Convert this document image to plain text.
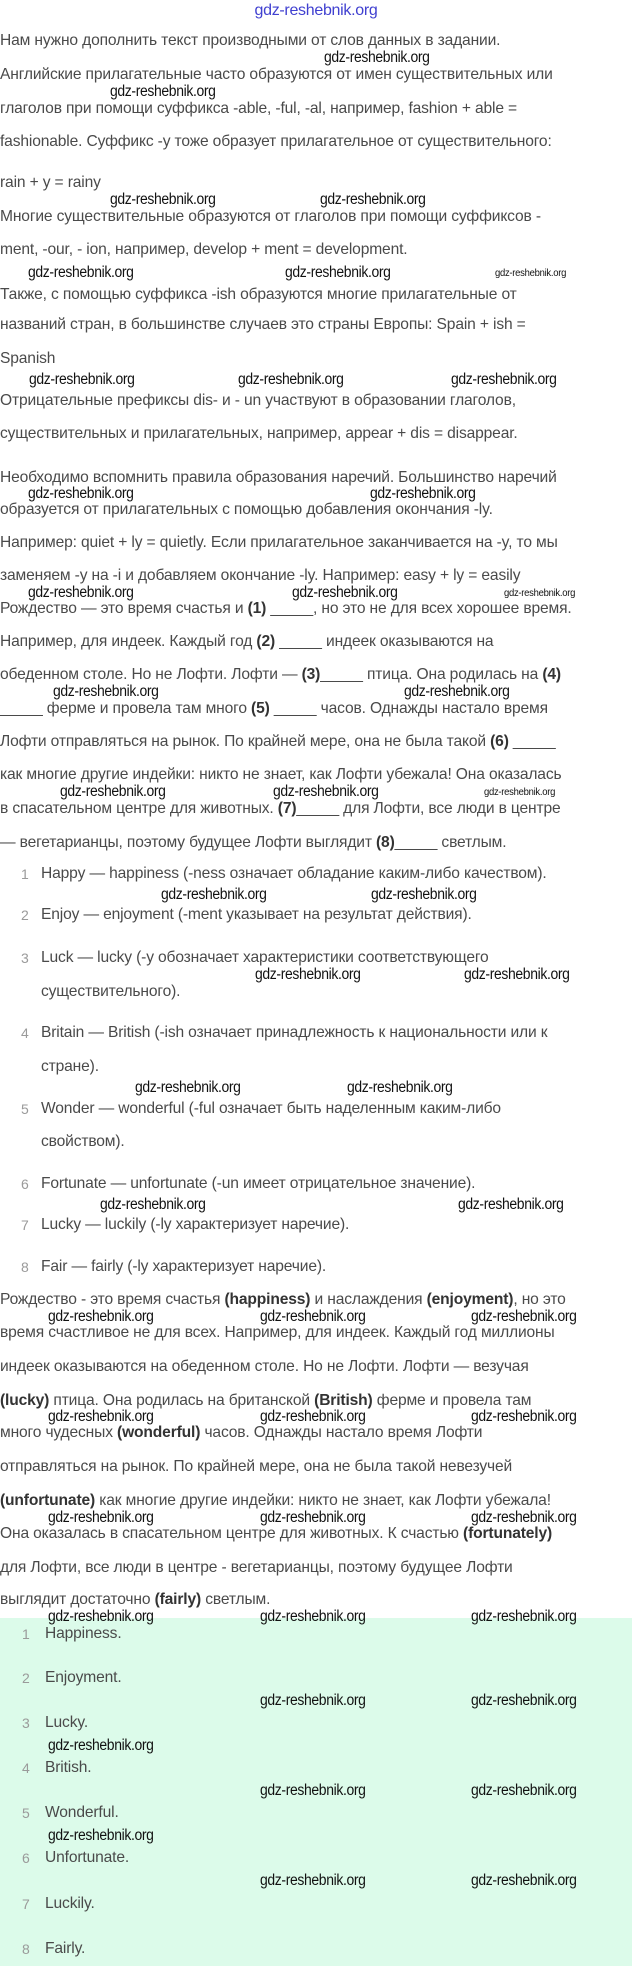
gdz-reshebnik.org
Нам нужно дополнить текст производными от слов данных в задании.
Английские прилагательные часто образуются от имен существительных или
глаголов при помощи суффикса -able, -ful, -al, например, fashion + able =
fashionable. Суффикс -y тоже образует прилагательное от существительного:
rain + y = rainy
Многие существительные образуются от глаголов при помощи суффиксов -
ment, -our, - ion, например, develop + ment = development.
Также, с помощью суффикса -ish образуются многие прилагательные от
названий стран, в большинстве случаев это страны Европы: Spain + ish =
Spanish
Отрицательные префиксы dis- и - un участвуют в образовании глаголов,
существительных и прилагательных, например, appear + dis = disappear.
Необходимо вспомнить правила образования наречий. Большинство наречий
образуется от прилагательных с помощью добавления окончания -ly.
Например: quiet + ly = quietly. Если прилагательное заканчивается на -y, то мы
заменяем -y на -i и добавляем окончание -ly. Например: easy + ly = easily
Рождество — это время счастья и (1) _____, но это не для всех хорошее время.
Например, для индеек. Каждый год (2) _____ индеек оказываются на
обеденном столе. Но не Лофти. Лофти — (3)_____ птица. Она родилась на (4)
_____ ферме и провела там много (5) _____ часов. Однажды настало время
Лофти отправляться на рынок. По крайней мере, она не была такой (6) _____
как многие другие индейки: никто не знает, как Лофти убежала! Она оказалась
в спасательном центре для животных. (7)_____ для Лофти, все люди в центре
— вегетарианцы, поэтому будущее Лофти выглядит (8)_____ светлым.
1 Happy — happiness (-ness означает обладание каким-либо качеством).
2 Enjoy — enjoyment (-ment указывает на результат действия).
3 Luck — lucky (-y обозначает характеристики соответствующего
существительного).
4 Britain — British (-ish означает принадлежность к национальности или к
стране).
5 Wonder — wonderful (-ful означает быть наделенным каким-либо
свойством).
6 Fortunate — unfortunate (-un имеет отрицательное значение).
7 Lucky — luckily (-ly характеризует наречие).
8 Fair — fairly (-ly характеризует наречие).
Рождество - это время счастья (happiness) и наслаждения (enjoyment), но это
время счастливое не для всех. Например, для индеек. Каждый год миллионы
индеек оказываются на обеденном столе. Но не Лофти. Лофти — везучая
(lucky) птица. Она родилась на британской (British) ферме и провела там
много чудесных (wonderful) часов. Однажды настало время Лофти
отправляться на рынок. По крайней мере, она не была такой невезучей
(unfortunate) как многие другие индейки: никто не знает, как Лофти убежала!
Она оказалась в спасательном центре для животных. К счастью (fortunately)
для Лофти, все люди в центре - вегетарианцы, поэтому будущее Лофти
выглядит достаточно (fairly) светлым.
1 Happiness.
2 Enjoyment.
3 Lucky.
4 British.
5 Wonderful.
6 Unfortunate.
7 Luckily.
8 Fairly.
gdz-reshebnik.org
gdz-reshebnik.org
gdz-reshebnik.org	gdz-reshebnik.org
gdz-reshebnik.org	gdz-reshebnik.org	gdz-reshebnik.org
gdz-reshebnik.org	gdz-reshebnik.org	gdz-reshebnik.org
gdz-reshebnik.org	gdz-reshebnik.org
gdz-reshebnik.org	gdz-reshebnik.org	gdz-reshebnik.org
gdz-reshebnik.org	gdz-reshebnik.org
gdz-reshebnik.org	gdz-reshebnik.org	gdz-reshebnik.org
gdz-reshebnik.org	gdz-reshebnik.org
gdz-reshebnik.org	gdz-reshebnik.org
gdz-reshebnik.org	gdz-reshebnik.org
gdz-reshebnik.org	gdz-reshebnik.org
gdz-reshebnik.org	gdz-reshebnik.org	gdz-reshebnik.org
gdz-reshebnik.org	gdz-reshebnik.org	gdz-reshebnik.org
gdz-reshebnik.org	gdz-reshebnik.org	gdz-reshebnik.org
gdz-reshebnik.org	gdz-reshebnik.org	gdz-reshebnik.org
gdz-reshebnik.org	gdz-reshebnik.org
gdz-reshebnik.org
gdz-reshebnik.org	gdz-reshebnik.org
gdz-reshebnik.org
gdz-reshebnik.org	gdz-reshebnik.org
